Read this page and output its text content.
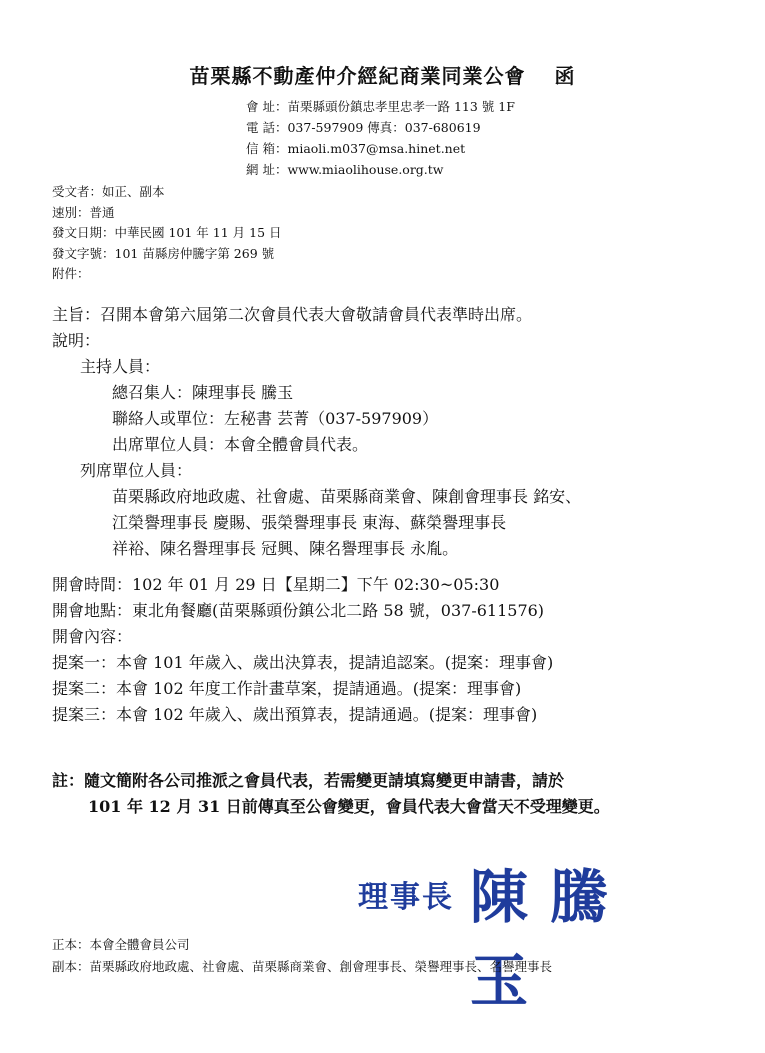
苗栗縣不動產仲介經紀商業同業公會　 函
會 址：苗栗縣頭份鎮忠孝里忠孝一路 113 號 1F
電 話：037-597909 傳真：037-680619
信 箱：miaoli.m037@msa.hinet.net
網 址：www.miaolihouse.org.tw
受文者：如正、副本
速別：普通
發文日期：中華民國 101 年 11 月 15 日
發文字號：101 苗縣房仲騰字第 269 號
附件：
主旨：召開本會第六屆第二次會員代表大會敬請會員代表準時出席。
說明：
主持人員：
總召集人：陳理事長 騰玉
聯絡人或單位：左秘書 芸菁（037-597909）
出席單位人員：本會全體會員代表。
列席單位人員：
苗栗縣政府地政處、社會處、苗栗縣商業會、陳創會理事長 銘安、
江榮譽理事長 慶賜、張榮譽理事長 東海、蘇榮譽理事長
祥裕、陳名譽理事長 冠興、陳名譽理事長 永胤。
開會時間：102 年 01 月 29 日【星期二】下午 02:30~05:30
開會地點：東北角餐廳(苗栗縣頭份鎮公北二路 58 號，037-611576)
開會內容：
提案一：本會 101 年歲入、歲出決算表，提請追認案。(提案：理事會)
提案二：本會 102 年度工作計畫草案，提請通過。(提案：理事會)
提案三：本會 102 年歲入、歲出預算表，提請通過。(提案：理事會)
註：隨文簡附各公司推派之會員代表，若需變更請填寫變更申請書，請於
101 年 12 月 31 日前傳真至公會變更，會員代表大會當天不受理變更。
理事長 陳騰玉
正本：本會全體會員公司
副本：苗栗縣政府地政處、社會處、苗栗縣商業會、創會理事長、榮譽理事長、名譽理事長
